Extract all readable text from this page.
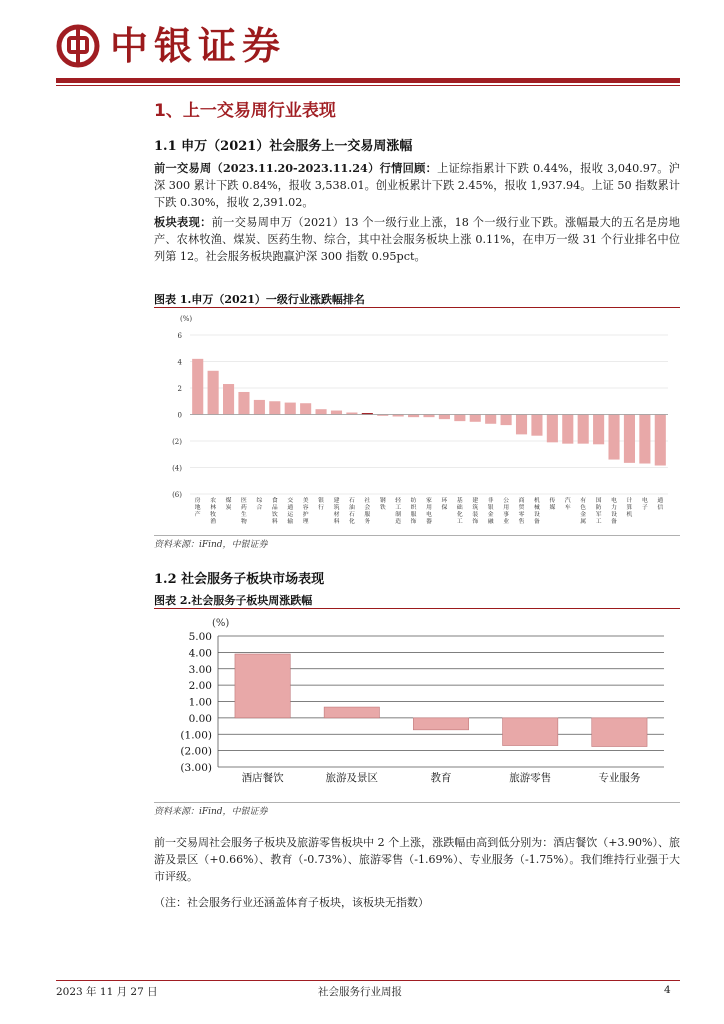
中银证券
1、上一交易周行业表现
1.1 申万（2021）社会服务上一交易周涨幅
前一交易周（2023.11.20-2023.11.24）行情回顾：上证综指累计下跌 0.44%，报收 3,040.97。沪深 300 累计下跌 0.84%，报收 3,538.01。创业板累计下跌 2.45%，报收 1,937.94。上证 50 指数累计下跌 0.30%，报收 2,391.02。
板块表现：前一交易周申万（2021）13 个一级行业上涨，18 个一级行业下跌。涨幅最大的五名是房地产、农林牧渔、煤炭、医药生物、综合，其中社会服务板块上涨 0.11%，在申万一级 31 个行业排名中位列第 12。社会服务板块跑赢沪深 300 指数 0.95pct。
图表 1.申万（2021）一级行业涨跌幅排名
(%)
6
4
2
0
(2)
(4)
(6)
房地产
农林牧渔
煤炭
医药生物
综合
食品饮料
交通运输
美容护理
银行
建筑材料
石油石化
社会服务
钢铁
轻工制造
纺织服饰
家用电器
环保
基础化工
建筑装饰
非银金融
公用事业
商贸零售
机械设备
传媒
汽车
有色金属
国防军工
电力设备
计算机
电子
通信
资料来源：iFind，中银证券
1.2 社会服务子板块市场表现
图表 2.社会服务子板块周涨跌幅
(%)
5.00
4.00
3.00
2.00
1.00
0.00
(1.00)
(2.00)
(3.00)
酒店餐饮	旅游及景区	教育	旅游零售	专业服务
资料来源：iFind，中银证券
前一交易周社会服务子板块及旅游零售板块中 2 个上涨，涨跌幅由高到低分别为：酒店餐饮（+3.90%）、旅游及景区（+0.66%）、教育（-0.73%）、旅游零售（-1.69%）、专业服务（-1.75%）。我们维持行业强于大市评级。
（注：社会服务行业还涵盖体育子板块，该板块无指数）
2023 年 11 月 27 日	社会服务行业周报	4
